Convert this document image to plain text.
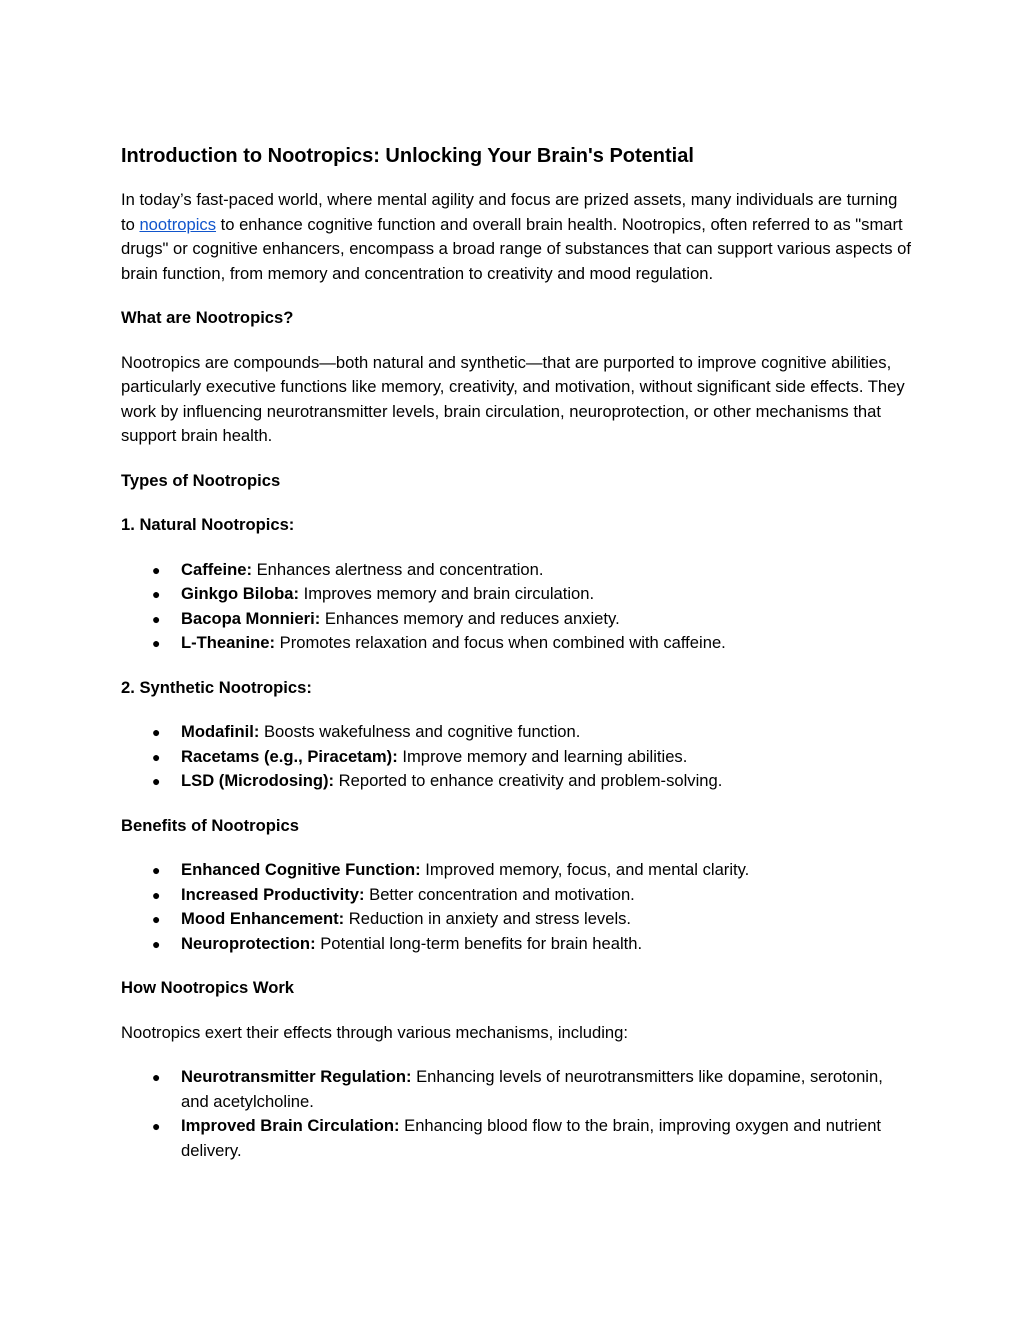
Introduction to Nootropics: Unlocking Your Brain's Potential

In today’s fast-paced world, where mental agility and focus are prized assets, many individuals are turning to nootropics to enhance cognitive function and overall brain health. Nootropics, often referred to as "smart drugs" or cognitive enhancers, encompass a broad range of substances that can support various aspects of brain function, from memory and concentration to creativity and mood regulation.

What are Nootropics?

Nootropics are compounds—both natural and synthetic—that are purported to improve cognitive abilities, particularly executive functions like memory, creativity, and motivation, without significant side effects. They work by influencing neurotransmitter levels, brain circulation, neuroprotection, or other mechanisms that support brain health.

Types of Nootropics
1. Natural Nootropics:
● Caffeine: Enhances alertness and concentration.
● Ginkgo Biloba: Improves memory and brain circulation.
● Bacopa Monnieri: Enhances memory and reduces anxiety.
● L-Theanine: Promotes relaxation and focus when combined with caffeine.
2. Synthetic Nootropics:
● Modafinil: Boosts wakefulness and cognitive function.
● Racetams (e.g., Piracetam): Improve memory and learning abilities.
● LSD (Microdosing): Reported to enhance creativity and problem-solving.
Benefits of Nootropics
● Enhanced Cognitive Function: Improved memory, focus, and mental clarity.
● Increased Productivity: Better concentration and motivation.
● Mood Enhancement: Reduction in anxiety and stress levels.
● Neuroprotection: Potential long-term benefits for brain health.
How Nootropics Work

Nootropics exert their effects through various mechanisms, including:

● Neurotransmitter Regulation: Enhancing levels of neurotransmitters like dopamine, serotonin, and acetylcholine.
● Improved Brain Circulation: Enhancing blood flow to the brain, improving oxygen and nutrient delivery.
